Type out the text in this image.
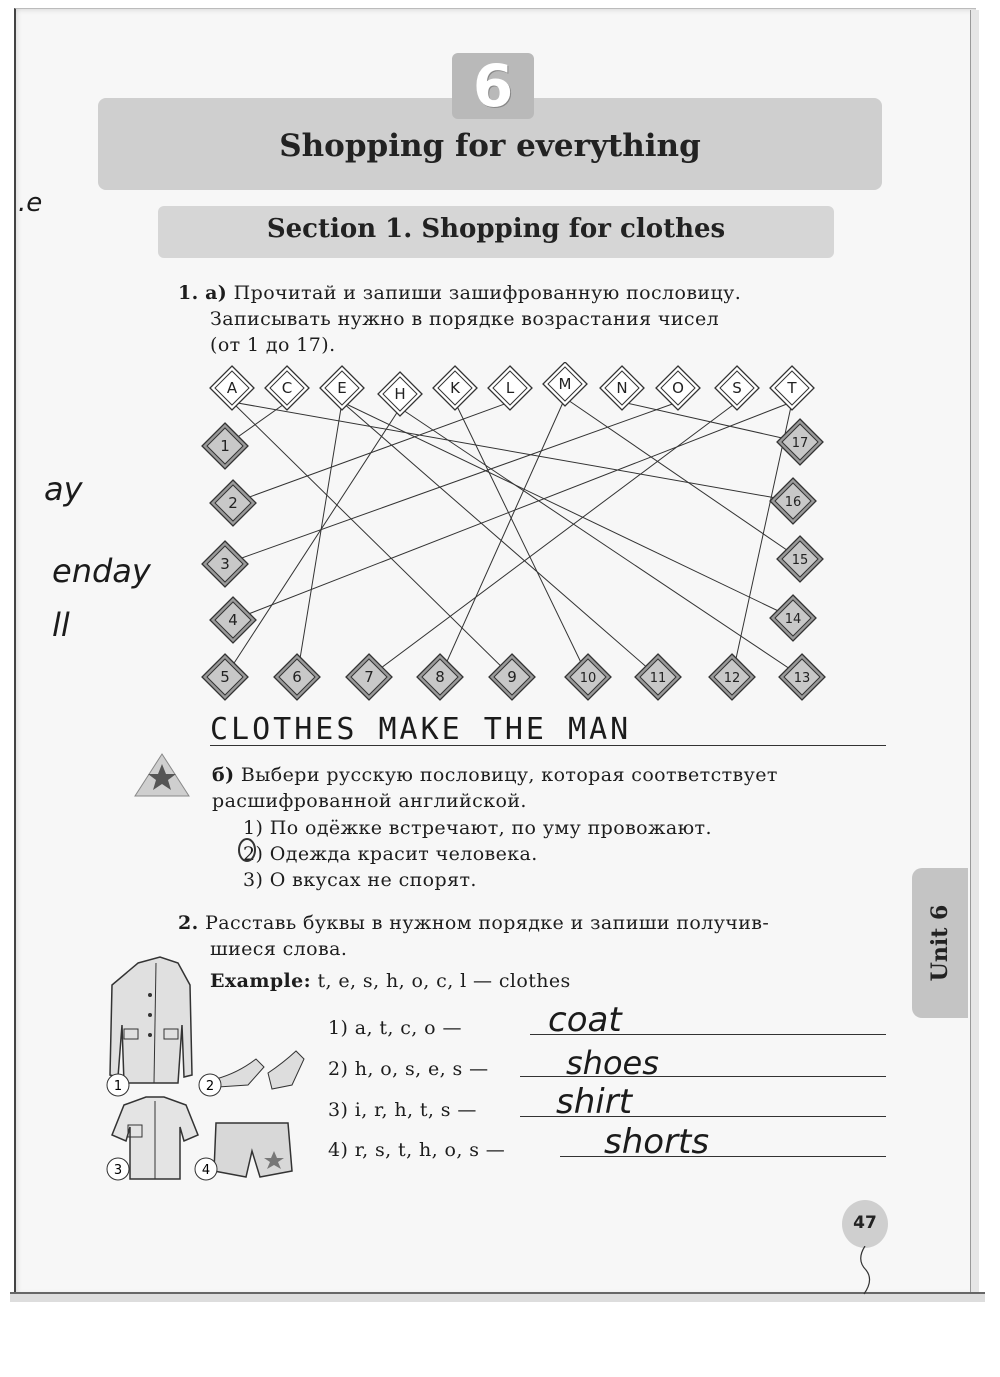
6
Shopping for everything
Section 1. Shopping for clothes
1. а) Прочитай и запиши зашифрованную пословицу.
Записывать нужно в порядке возрастания чисел
(от 1 до 17).
A	C	E	H	K	L	M	N	O	S	T
1
2
3
4
5	6	7	8	9	10	11	12	13
14
15
16
17
CLOTHES MAKE THE MAN
б) Выбери русскую пословицу, которая соответствует
расшифрованной английской.
1) По одёжке встречают, по уму провожают.
2) Одежда красит человека.
3) О вкусах не спорят.
2. Расставь буквы в нужном порядке и запиши получив-
шиеся слова.
Example: t, e, s, h, o, c, l — clothes
1) a, t, c, o —	coat
2) h, o, s, e, s — shoes
3) i, r, h, t, s — shirt
4) r, s, t, h, o, s —	shorts
1	2
3	4
Unit 6
.e
ay
enday
ll
47
